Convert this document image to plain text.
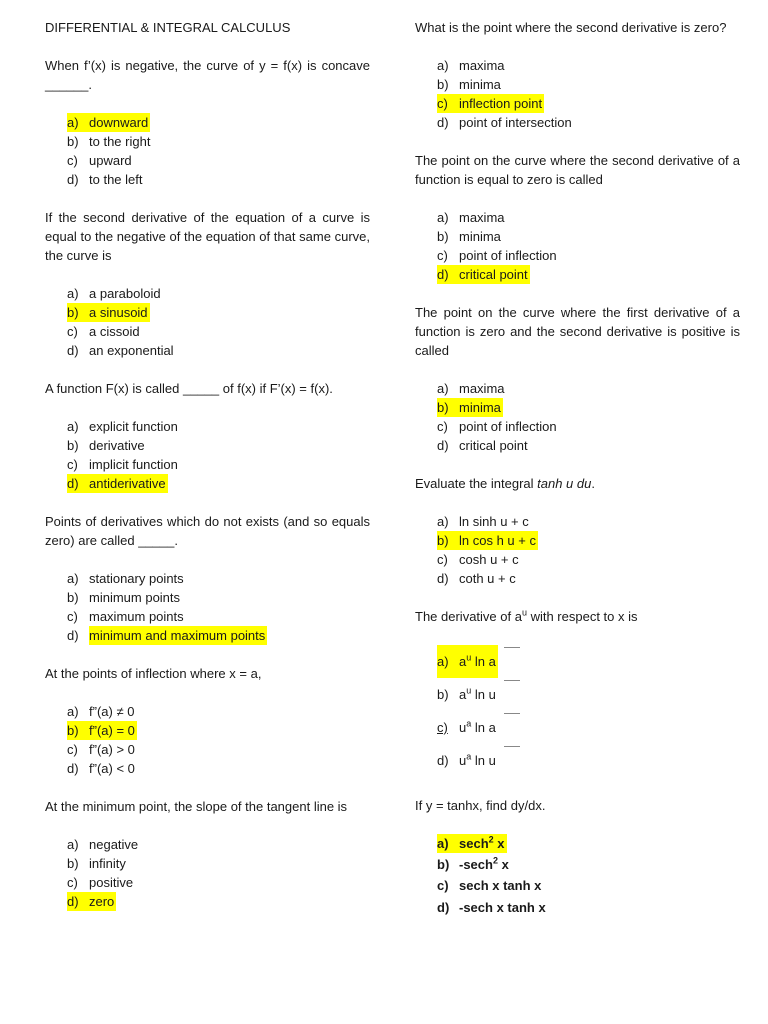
DIFFERENTIAL & INTEGRAL CALCULUS

When f’(x) is negative, the curve of y = f(x) is concave ______.

a) downward
b) to the right
c) upward
d) to the left

If the second derivative of the equation of a curve is equal to the negative of the equation of that same curve, the curve is

a) a paraboloid
b) a sinusoid
c) a cissoid
d) an exponential

A function F(x) is called _____ of f(x) if F’(x) = f(x).

a) explicit function
b) derivative
c) implicit function
d) antiderivative

Points of derivatives which do not exists (and so equals zero) are called _____.

a) stationary points
b) minimum points
c) maximum points
d) minimum and maximum points

At the points of inflection where x = a,

a) f”(a) ≠ 0
b) f”(a) = 0
c) f”(a) > 0
d) f”(a) < 0

At the minimum point, the slope of the tangent line is

a) negative
b) infinity
c) positive
d) zero

What is the point where the second derivative is zero?

a) maxima
b) minima
c) inflection point
d) point of intersection

The point on the curve where the second derivative of a function is equal to zero is called

a) maxima
b) minima
c) point of inflection
d) critical point

The point on the curve where the first derivative of a function is zero and the second derivative is positive is called

a) maxima
b) minima
c) point of inflection
d) critical point

Evaluate the integral tanh u du.

a) ln sinh u + c
b) ln cos h u + c
c) cosh u + c
d) coth u + c

The derivative of $a^u$ with respect to x is

a) $a^u$ ln a
b) $a^u$ ln u
c) $u^a$ ln a
d) $u^a$ ln u

If y = tanhx, find dy/dx.

a) sech$^2$ x
b) -sech$^2$ x
c) sech x tanh x
d) -sech x tanh x
